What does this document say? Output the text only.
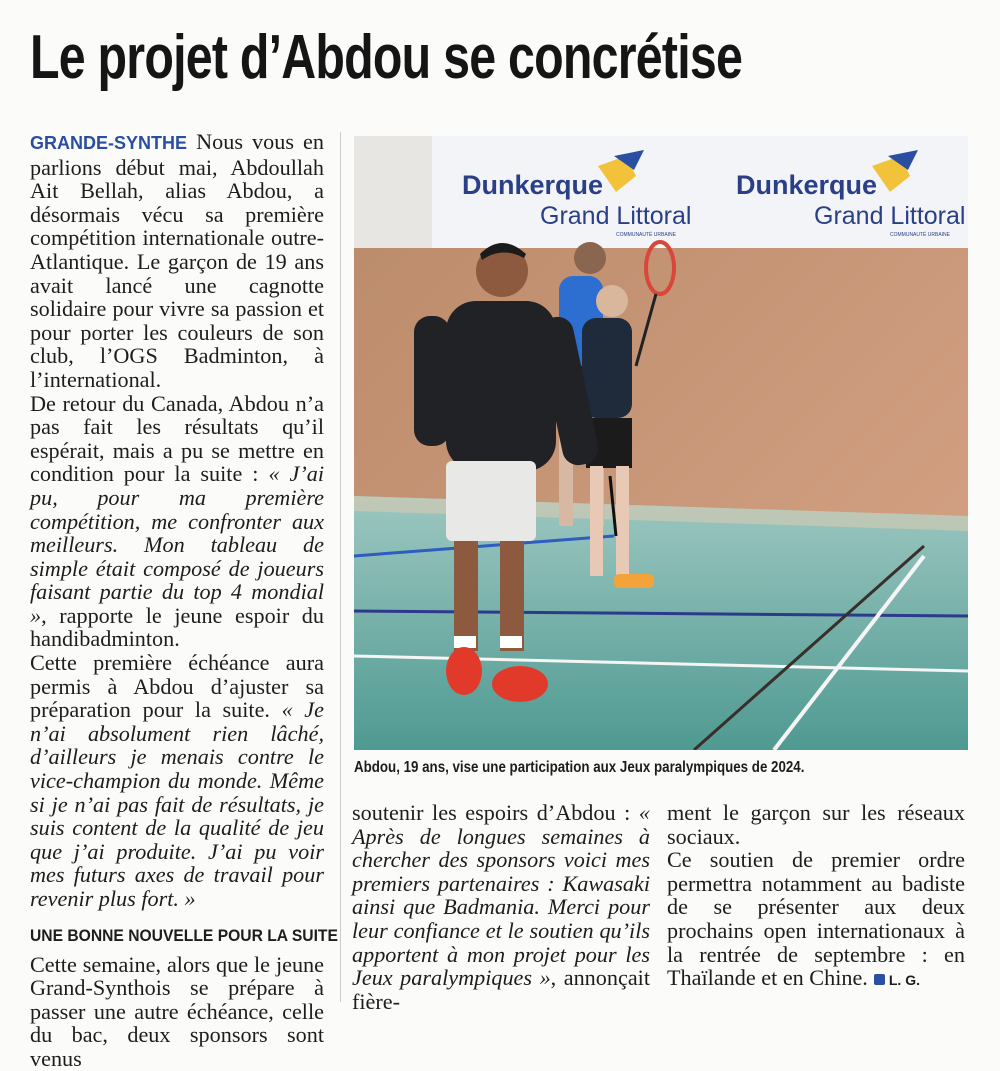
Le projet d’Abdou se concrétise

GRANDE-SYNTHE Nous vous en parlions début mai, Abdoullah Ait Bellah, alias Abdou, a désormais vécu sa première compétition internationale outre-Atlantique. Le garçon de 19 ans avait lancé une cagnotte solidaire pour vivre sa passion et pour porter les couleurs de son club, l’OGS Badminton, à l’international.

De retour du Canada, Abdou n’a pas fait les résultats qu’il espérait, mais a pu se mettre en condition pour la suite : « J’ai pu, pour ma première compétition, me confronter aux meilleurs. Mon tableau de simple était composé de joueurs faisant partie du top 4 mondial », rapporte le jeune espoir du handibadminton.

Cette première échéance aura permis à Abdou d’ajuster sa préparation pour la suite. « Je n’ai absolument rien lâché, d’ailleurs je menais contre le vice-champion du monde. Même si je n’ai pas fait de résultats, je suis content de la qualité de jeu que j’ai produite. J’ai pu voir mes futurs axes de travail pour revenir plus fort. »

UNE BONNE NOUVELLE POUR LA SUITE

Cette semaine, alors que le jeune Grand-Synthois se prépare à passer une autre échéance, celle du bac, deux sponsors sont venus

Dunkerque
Grand Littoral
COMMUNAUTÉ URBAINE
Dunkerque
Grand Littoral
COMMUNAUTÉ URBAINE
Abdou, 19 ans, vise une participation aux Jeux paralympiques de 2024.

soutenir les espoirs d’Abdou : « Après de longues semaines à chercher des sponsors voici mes premiers partenaires : Kawasaki ainsi que Badmania. Merci pour leur confiance et le soutien qu’ils apportent à mon projet pour les Jeux paralympiques », annonçait fière-

ment le garçon sur les réseaux sociaux.

Ce soutien de premier ordre permettra notamment au badiste de se présenter aux deux prochains open internationaux à la rentrée de septembre : en Thaïlande et en Chine. L. G.
